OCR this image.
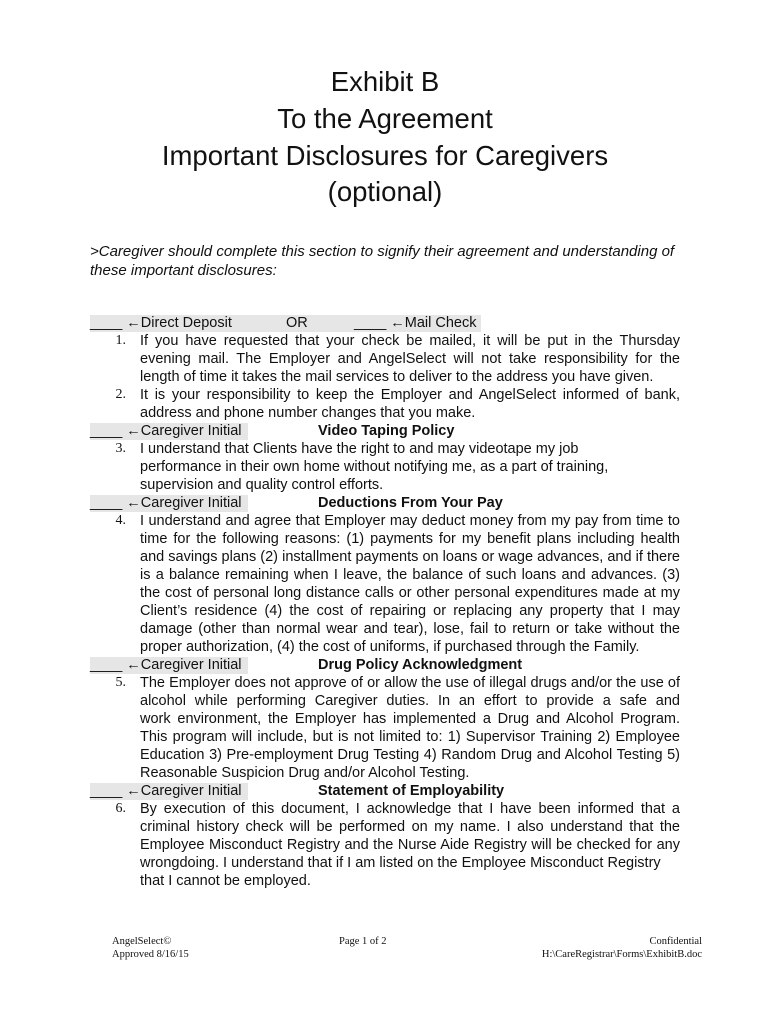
Exhibit B
To the Agreement
Important Disclosures for Caregivers
(optional)
>Caregiver should complete this section to signify their agreement and understanding of
these important disclosures:
____ ←Direct Deposit	OR	____ ←Mail Check
1. If you have requested that your check be mailed, it will be put in the Thursday
evening mail. The Employer and AngelSelect will not take responsibility for the
length of time it takes the mail services to deliver to the address you have given.
2. It is your responsibility to keep the Employer and AngelSelect informed of bank,
address and phone number changes that you make.
____ ←Caregiver Initial	Video Taping Policy
3. I understand that Clients have the right to and may videotape my job
performance in their own home without notifying me, as a part of training,
supervision and quality control efforts.
____ ←Caregiver Initial	Deductions From Your Pay
4. I understand and agree that Employer may deduct money from my pay from time to
time for the following reasons: (1) payments for my benefit plans including health
and savings plans (2) installment payments on loans or wage advances, and if there
is a balance remaining when I leave, the balance of such loans and advances. (3)
the cost of personal long distance calls or other personal expenditures made at my
Client’s residence (4) the cost of repairing or replacing any property that I may
damage (other than normal wear and tear), lose, fail to return or take without the
proper authorization, (4) the cost of uniforms, if purchased through the Family.
____ ←Caregiver Initial	Drug Policy Acknowledgment
5. The Employer does not approve of or allow the use of illegal drugs and/or the use of
alcohol while performing Caregiver duties. In an effort to provide a safe and
work environment, the Employer has implemented a Drug and Alcohol Program.
This program will include, but is not limited to: 1) Supervisor Training 2) Employee
Education 3) Pre-employment Drug Testing 4) Random Drug and Alcohol Testing 5)
Reasonable Suspicion Drug and/or Alcohol Testing.
____ ←Caregiver Initial	Statement of Employability
6. By execution of this document, I acknowledge that I have been informed that a
criminal history check will be performed on my name. I also understand that the
Employee Misconduct Registry and the Nurse Aide Registry will be checked for any
wrongdoing. I understand that if I am listed on the Employee Misconduct Registry
that I cannot be employed.
AngelSelect©
Approved 8/16/15
Page 1 of 2	Confidential
H:\CareRegistrar\Forms\ExhibitB.doc
